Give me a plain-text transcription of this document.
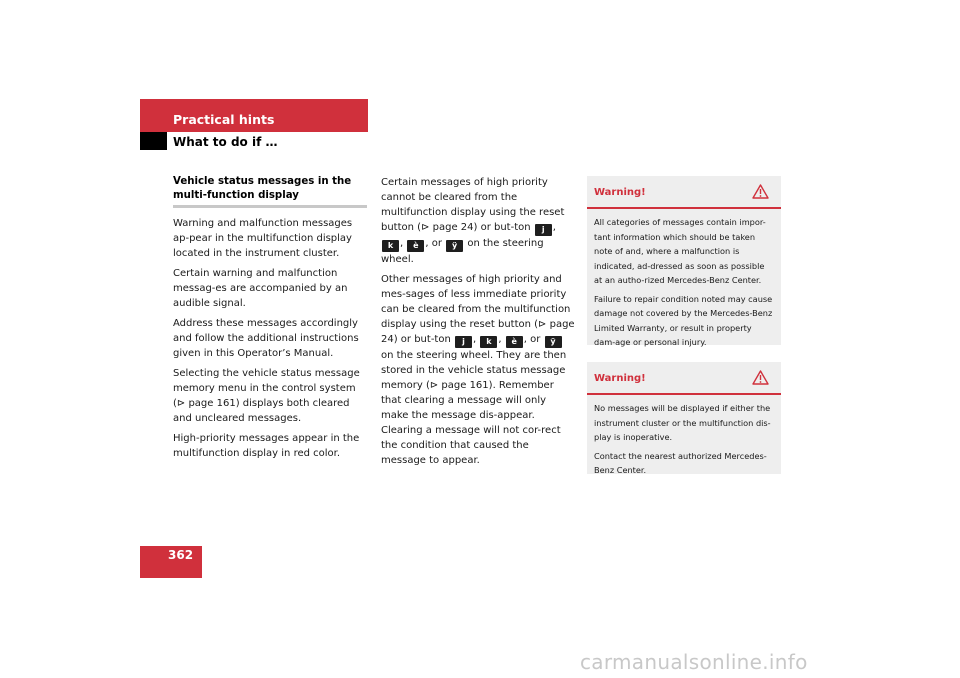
Practical hints
What to do if …
Vehicle status messages in the multi-function display

Warning and malfunction messages ap-pear in the multifunction display located in the instrument cluster.

Certain warning and malfunction messag-es are accompanied by an audible signal.

Address these messages accordingly and follow the additional instructions given in this Operator’s Manual.

Selecting the vehicle status message memory menu in the control system (⊳ page 161) displays both cleared and uncleared messages.

High-priority messages appear in the multifunction display in red color.

Certain messages of high priority cannot be cleared from the multifunction display using the reset button (⊳ page 24) or but-ton j , k , è , or ÿ on the steering wheel.

Other messages of high priority and mes-sages of less immediate priority can be cleared from the multifunction display using the reset button (⊳ page 24) or but-ton j , k , è , or ÿ on the steering wheel. They are then stored in the vehicle status message memory (⊳ page 161). Remember that clearing a message will only make the message dis-appear. Clearing a message will not cor-rect the condition that caused the message to appear.

Warning!

All categories of messages contain impor-tant information which should be taken note of and, where a malfunction is indicated, ad-dressed as soon as possible at an autho-rized Mercedes-Benz Center.

Failure to repair condition noted may cause damage not covered by the Mercedes-Benz Limited Warranty, or result in property dam-age or personal injury.

Warning!

No messages will be displayed if either the instrument cluster or the multifunction dis-play is inoperative.

Contact the nearest authorized Mercedes-Benz Center.

362
carmanualsonline.info
